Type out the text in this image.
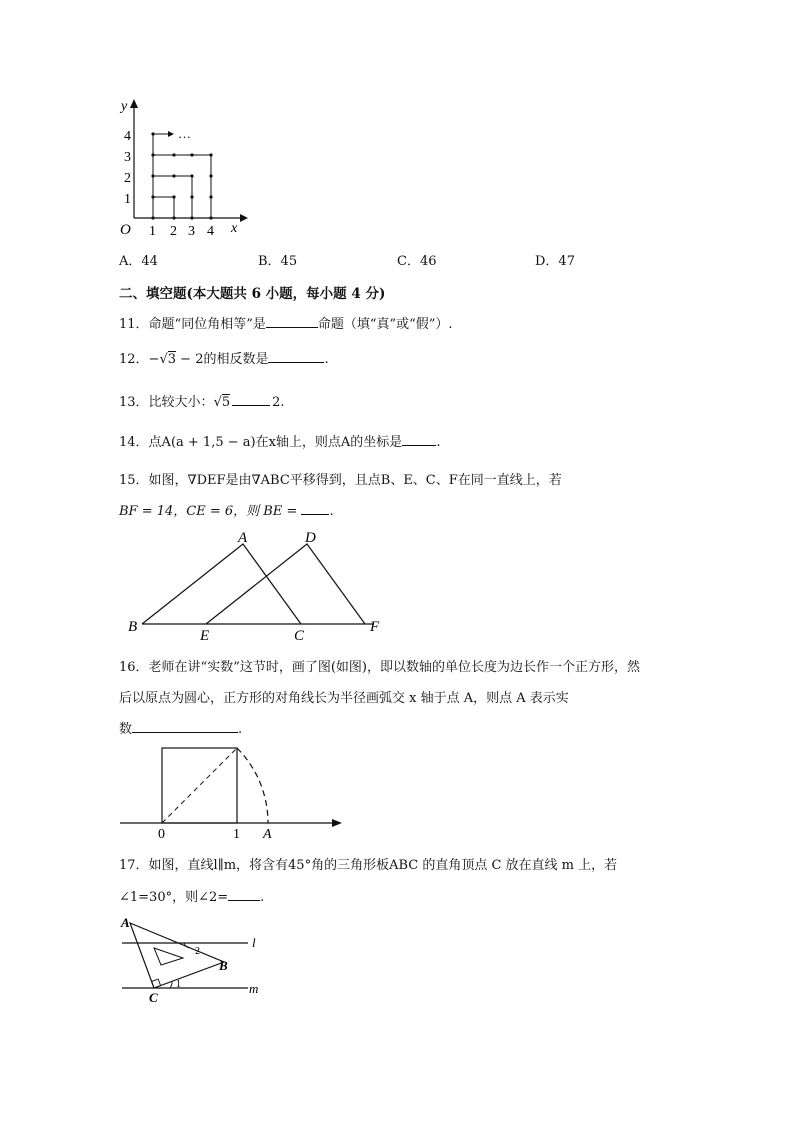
…
y
x
O 1 2 3 4
1
2
3
4
A．44	B．45	C．46	D．47
二、填空题(本大题共 6 小题，每小题 4 分)
11．命题“同位角相等”是	命题（填“真”或“假”）.
12．−√3 − 2的相反数是	.
13．比较大小：√5	2.
14．点A(a + 1,5 − a)在x轴上，则点A的坐标是	.
15．如图，∇DEF是由∇ABC平移得到，且点B、E、C、F在同一直线上，若
BF = 14，CE = 6，则 BE = .
A	D
B
E	C
F
16．老师在讲“实数”这节时，画了图(如图)，即以数轴的单位长度为边长作一个正方形，然
后以原点为圆心，正方形的对角线长为半径画弧交 x 轴于点 A，则点 A 表示实
数	.
0	1 A
17．如图，直线l∥m，将含有45°角的三角形板ABC 的直角顶点 C 放在直线 m 上，若
∠1=30°，则∠2= .
A
B
C
l
m
1
2
